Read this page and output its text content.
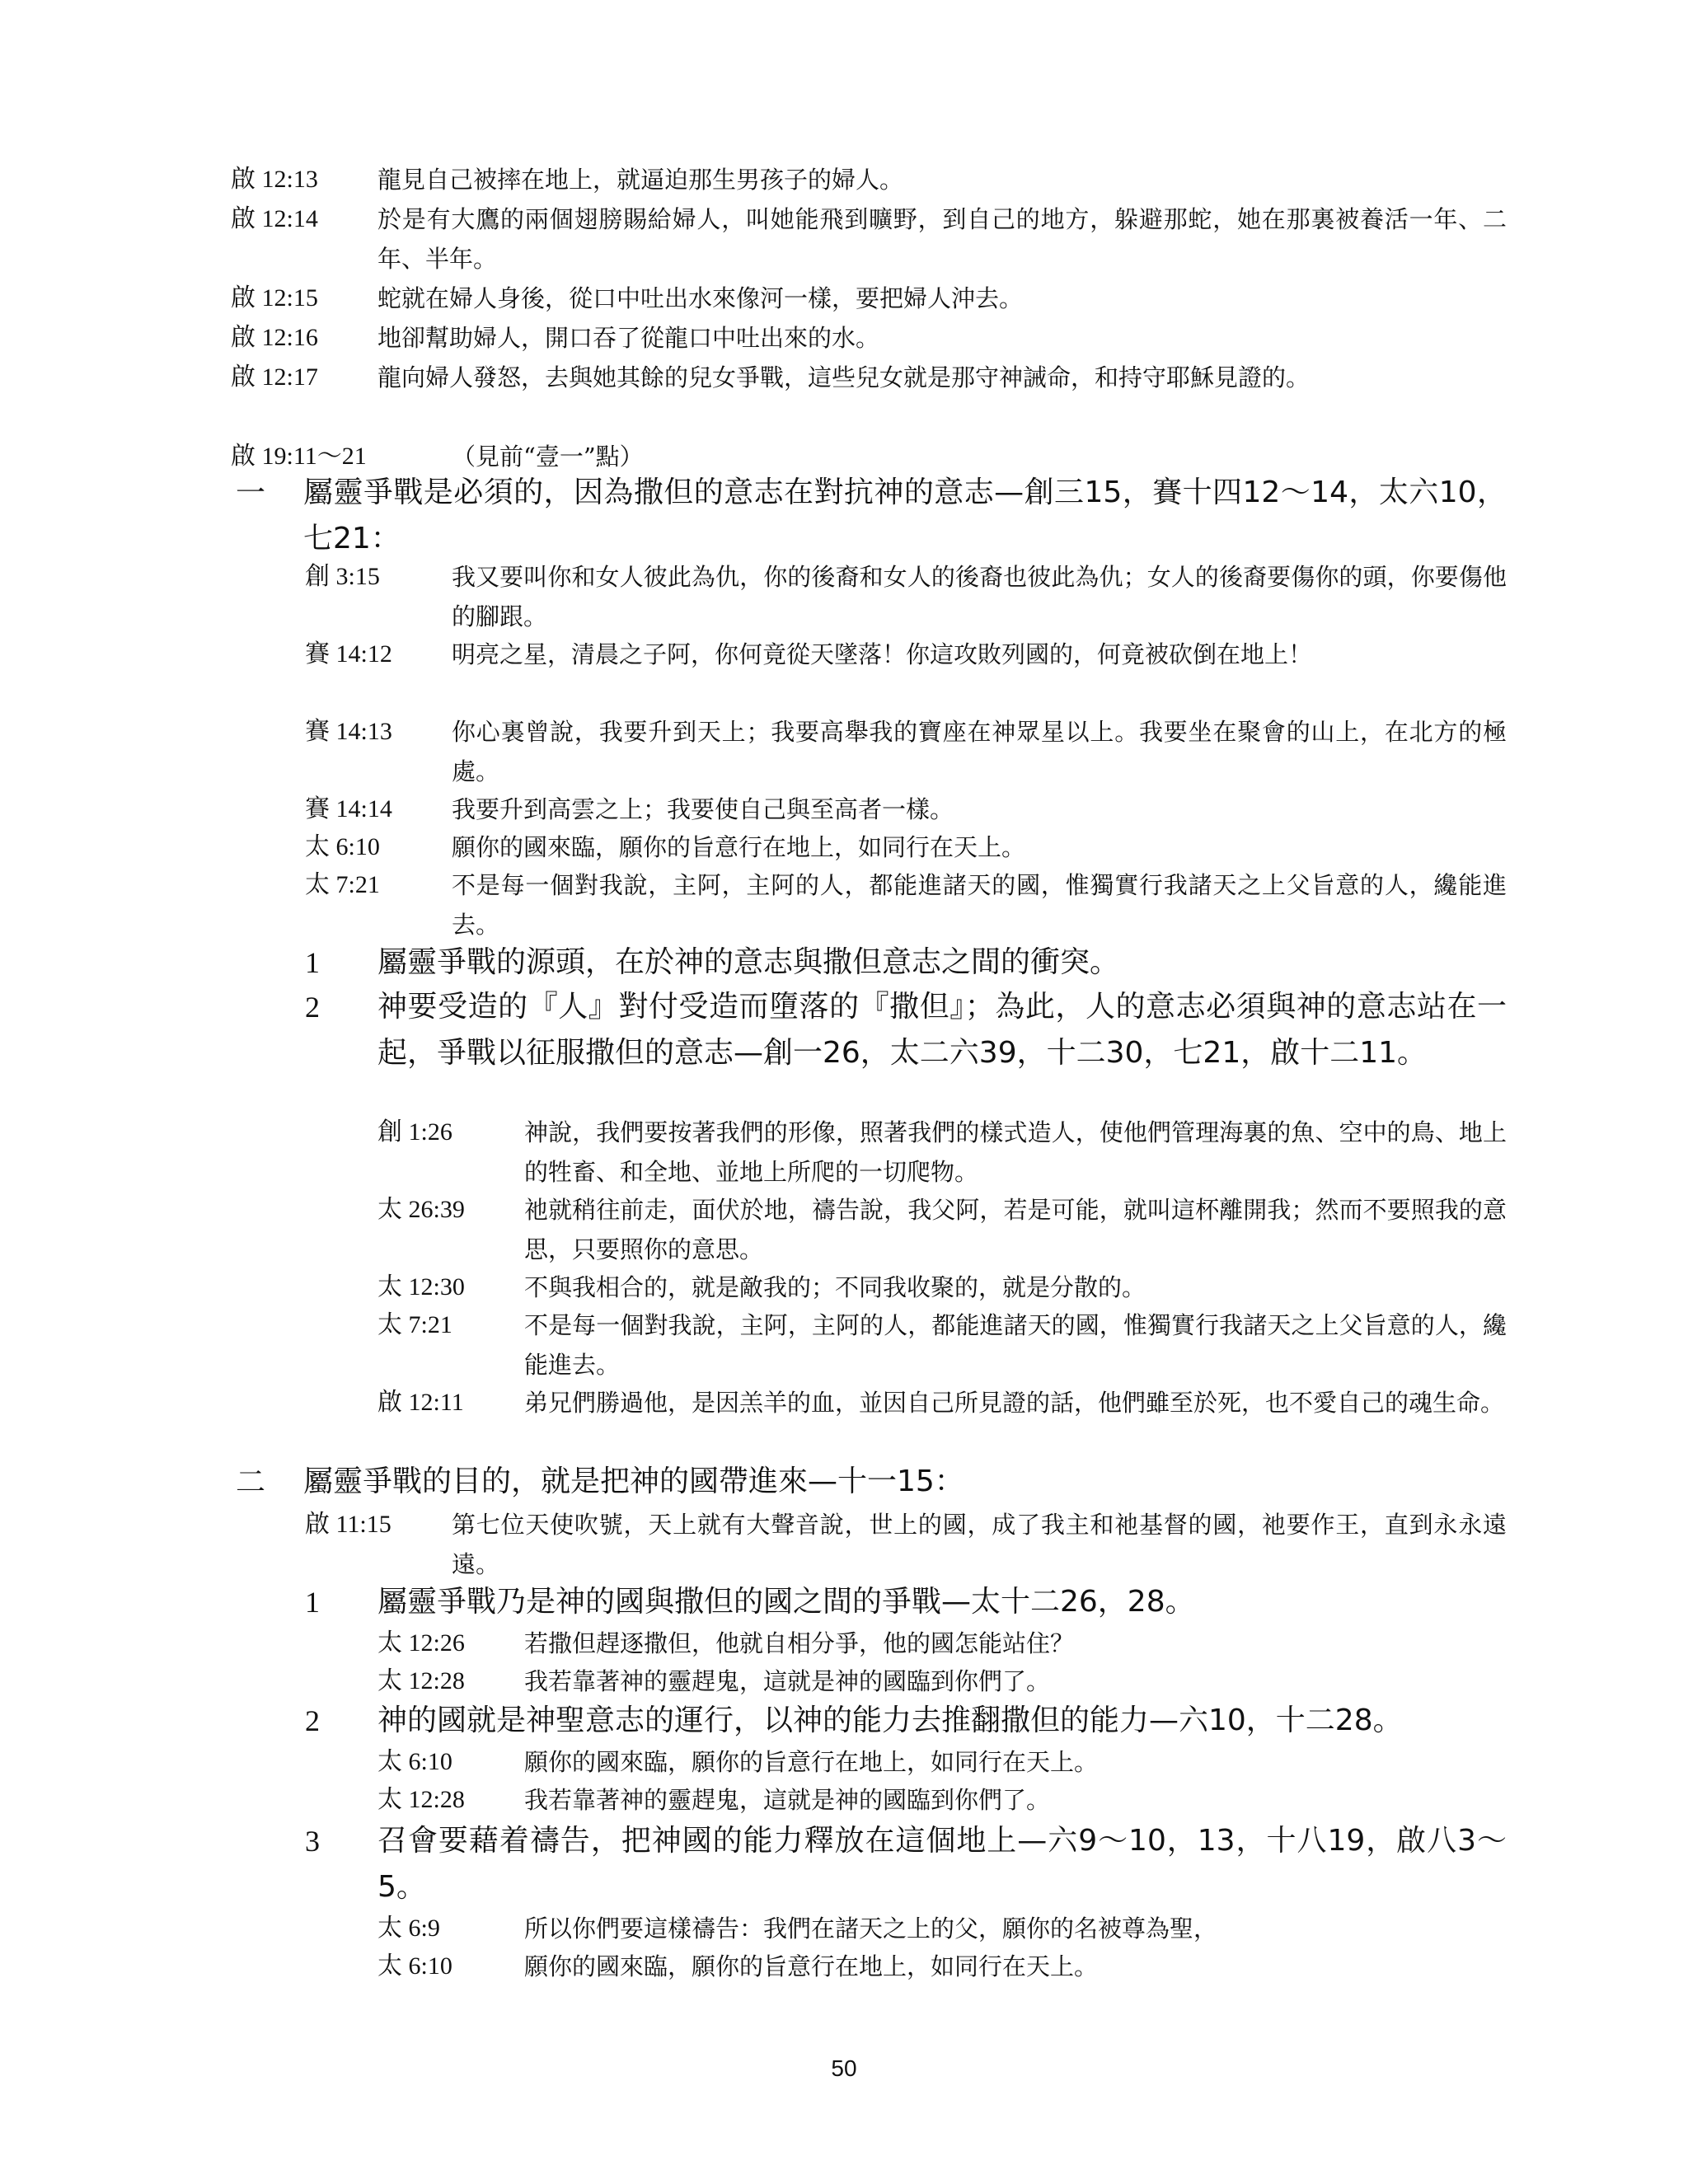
啟 12:13 龍見自己被摔在地上，就逼迫那生男孩子的婦人。
啟 12:14 於是有大鷹的兩個翅膀賜給婦人，叫她能飛到曠野，到自己的地方，躲避那蛇，她在那裏被養活一年、二年、半年。
啟 12:15 蛇就在婦人身後，從口中吐出水來像河一樣，要把婦人沖去。
啟 12:16 地卻幫助婦人，開口吞了從龍口中吐出來的水。
啟 12:17 龍向婦人發怒，去與她其餘的兒女爭戰，這些兒女就是那守神誡命，和持守耶穌見證的。
啟 19:11～21	（見前“壹一”點）
一 屬靈爭戰是必須的，因為撒但的意志在對抗神的意志—創三15，賽十四12～14，太六10，七21：
創 3:15	我又要叫你和女人彼此為仇，你的後裔和女人的後裔也彼此為仇；女人的後裔要傷你的頭，你要傷他的腳跟。
賽 14:12 明亮之星，清晨之子阿，你何竟從天墜落！你這攻敗列國的，何竟被砍倒在地上！
賽 14:13 你心裏曾說，我要升到天上；我要高舉我的寶座在神眾星以上。我要坐在聚會的山上，在北方的極處。
賽 14:14 我要升到高雲之上；我要使自己與至高者一樣。
太 6:10	願你的國來臨，願你的旨意行在地上，如同行在天上。
太 7:21	不是每一個對我說，主阿，主阿的人，都能進諸天的國，惟獨實行我諸天之上父旨意的人，纔能進去。
1 屬靈爭戰的源頭，在於神的意志與撒但意志之間的衝突。
2 神要受造的『人』對付受造而墮落的『撒但』；為此，人的意志必須與神的意志站在一起，爭戰以征服撒但的意志—創一26，太二六39，十二30，七21，啟十二11。
創 1:26	神說，我們要按著我們的形像，照著我們的樣式造人，使他們管理海裏的魚、空中的鳥、地上的牲畜、和全地、並地上所爬的一切爬物。
太 26:39 祂就稍往前走，面伏於地，禱告說，我父阿，若是可能，就叫這杯離開我；然而不要照我的意思，只要照你的意思。
太 12:30 不與我相合的，就是敵我的；不同我收聚的，就是分散的。
太 7:21	不是每一個對我說，主阿，主阿的人，都能進諸天的國，惟獨實行我諸天之上父旨意的人，纔能進去。
啟 12:11	弟兄們勝過他，是因羔羊的血，並因自己所見證的話，他們雖至於死，也不愛自己的魂生命。
二 屬靈爭戰的目的，就是把神的國帶進來—十一15：
啟 11:15	第七位天使吹號，天上就有大聲音說，世上的國，成了我主和祂基督的國，祂要作王，直到永永遠遠。
1 屬靈爭戰乃是神的國與撒但的國之間的爭戰—太十二26，28。
太 12:26 若撒但趕逐撒但，他就自相分爭，他的國怎能站住？
太 12:28 我若靠著神的靈趕鬼，這就是神的國臨到你們了。
2 神的國就是神聖意志的運行，以神的能力去推翻撒但的能力—六10，十二28。
太 6:10	願你的國來臨，願你的旨意行在地上，如同行在天上。
太 12:28 我若靠著神的靈趕鬼，這就是神的國臨到你們了。
3 召會要藉着禱告，把神國的能力釋放在這個地上—六9～10，13，十八19，啟八3～5。
太 6:9	所以你們要這樣禱告：我們在諸天之上的父，願你的名被尊為聖，
太 6:10	願你的國來臨，願你的旨意行在地上，如同行在天上。
50
